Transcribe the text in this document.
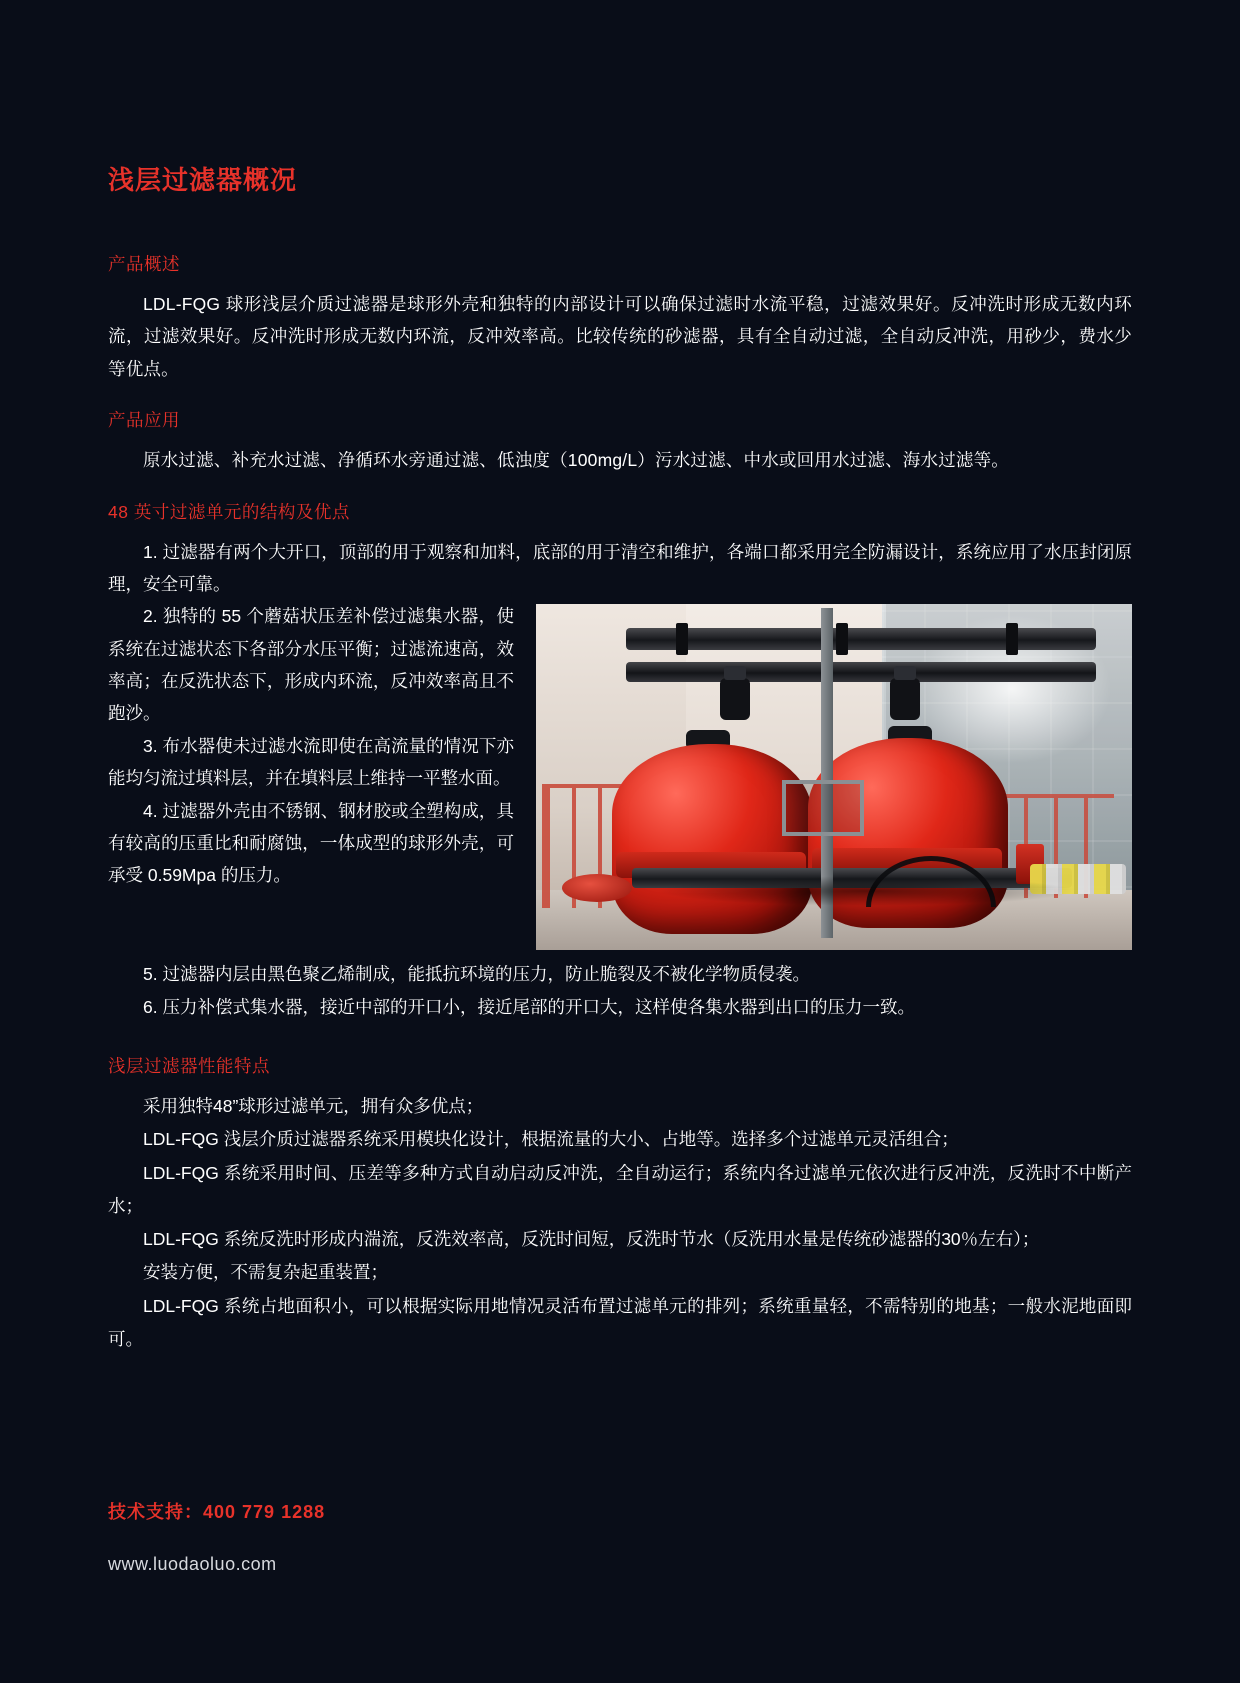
浅层过滤器概况
产品概述

LDL-FQG 球形浅层介质过滤器是球形外壳和独特的内部设计可以确保过滤时水流平稳，过滤效果好。反冲洗时形成无数内环流，过滤效果好。反冲洗时形成无数内环流，反冲效率高。比较传统的砂滤器，具有全自动过滤，全自动反冲洗，用砂少，费水少等优点。

产品应用

原水过滤、补充水过滤、净循环水旁通过滤、低浊度（100mg/L）污水过滤、中水或回用水过滤、海水过滤等。

48 英寸过滤单元的结构及优点

1. 过滤器有两个大开口，顶部的用于观察和加料，底部的用于清空和维护，各端口都采用完全防漏设计，系统应用了水压封闭原理，安全可靠。

2. 独特的 55 个蘑菇状压差补偿过滤集水器，使系统在过滤状态下各部分水压平衡；过滤流速高，效率高；在反洗状态下，形成内环流，反冲效率高且不跑沙。

3. 布水器使未过滤水流即使在高流量的情况下亦能均匀流过填料层，并在填料层上维持一平整水面。

4. 过滤器外壳由不锈钢、钢材胶或全塑构成，具有较高的压重比和耐腐蚀，一体成型的球形外壳，可承受 0.59Mpa 的压力。

5. 过滤器内层由黑色聚乙烯制成，能抵抗环境的压力，防止脆裂及不被化学物质侵袭。

6. 压力补偿式集水器，接近中部的开口小，接近尾部的开口大，这样使各集水器到出口的压力一致。

浅层过滤器性能特点

采用独特48”球形过滤单元，拥有众多优点；

LDL-FQG 浅层介质过滤器系统采用模块化设计，根据流量的大小、占地等。选择多个过滤单元灵活组合；

LDL-FQG 系统采用时间、压差等多种方式自动启动反冲洗，全自动运行；系统内各过滤单元依次进行反冲洗，反洗时不中断产水；

LDL-FQG 系统反洗时形成内湍流，反洗效率高，反洗时间短，反洗时节水（反洗用水量是传统砂滤器的30％左右）；

安装方便，不需复杂起重装置；

LDL-FQG 系统占地面积小，可以根据实际用地情况灵活布置过滤单元的排列；系统重量轻，不需特别的地基；一般水泥地面即可。

技术支持：400 779 1288

www.luodaoluo.com
